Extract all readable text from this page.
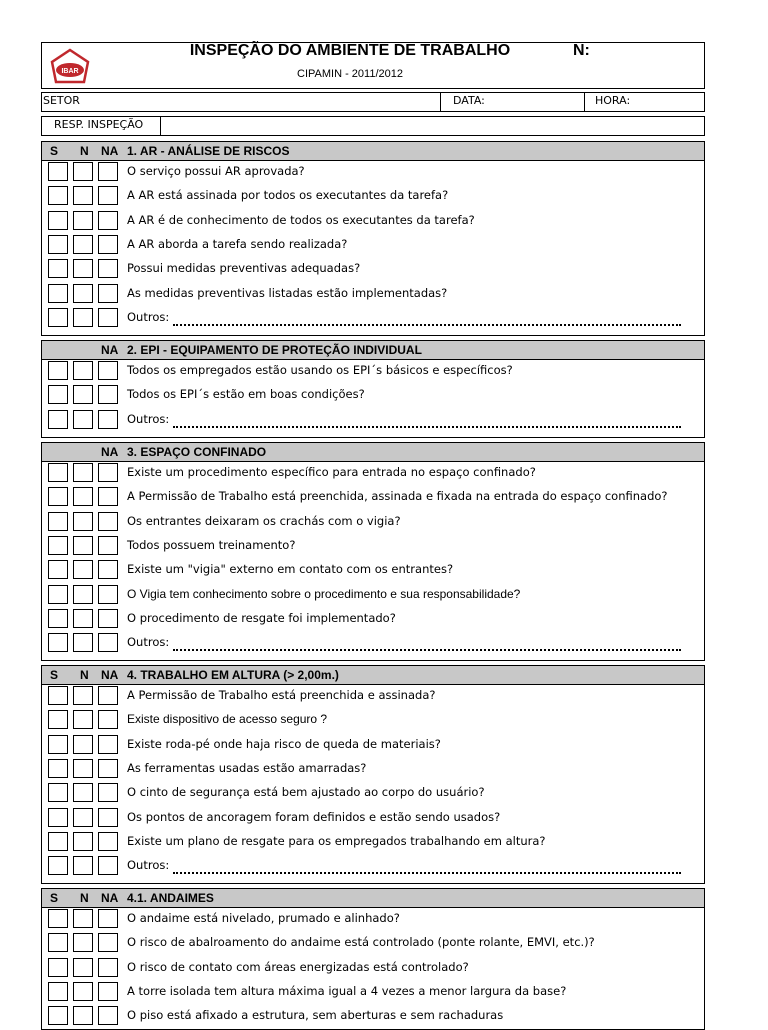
IBAR
INSPEÇÃO DO AMBIENTE DE TRABALHO	N:
CIPAMIN - 2011/2012
SETOR	DATA:	HORA:
RESP. INSPEÇÃO
S N NA 1. AR - ANÁLISE DE RISCOS
O serviço possui AR aprovada?
A AR está assinada por todos os executantes da tarefa?
A AR é de conhecimento de todos os executantes da tarefa?
A AR aborda a tarefa sendo realizada?
Possui medidas preventivas adequadas?
As medidas preventivas listadas estão implementadas?
Outros:
NA 2. EPI - EQUIPAMENTO DE PROTEÇÃO INDIVIDUAL
Todos os empregados estão usando os EPI´s básicos e específicos?
Todos os EPI´s estão em boas condições?
Outros:
NA 3. ESPAÇO CONFINADO
Existe um procedimento específico para entrada no espaço confinado?
A Permissão de Trabalho está preenchida, assinada e fixada na entrada do espaço confinado?
Os entrantes deixaram os crachás com o vigia?
Todos possuem treinamento?
Existe um "vigia" externo em contato com os entrantes?
O Vigia tem conhecimento sobre o procedimento e sua responsabilidade?
O procedimento de resgate foi implementado?
Outros:
S N NA 4. TRABALHO EM ALTURA (> 2,00m.)
A Permissão de Trabalho está preenchida e assinada?
Existe dispositivo de acesso seguro ?
Existe roda-pé onde haja risco de queda de materiais?
As ferramentas usadas estão amarradas?
O cinto de segurança está bem ajustado ao corpo do usuário?
Os pontos de ancoragem foram definidos e estão sendo usados?
Existe um plano de resgate para os empregados trabalhando em altura?
Outros:
S N NA 4.1. ANDAIMES
O andaime está nivelado, prumado e alinhado?
O risco de abalroamento do andaime está controlado (ponte rolante, EMVI, etc.)?
O risco de contato com áreas energizadas está controlado?
A torre isolada tem altura máxima igual a 4 vezes a menor largura da base?
O piso está afixado a estrutura, sem aberturas e sem rachaduras
